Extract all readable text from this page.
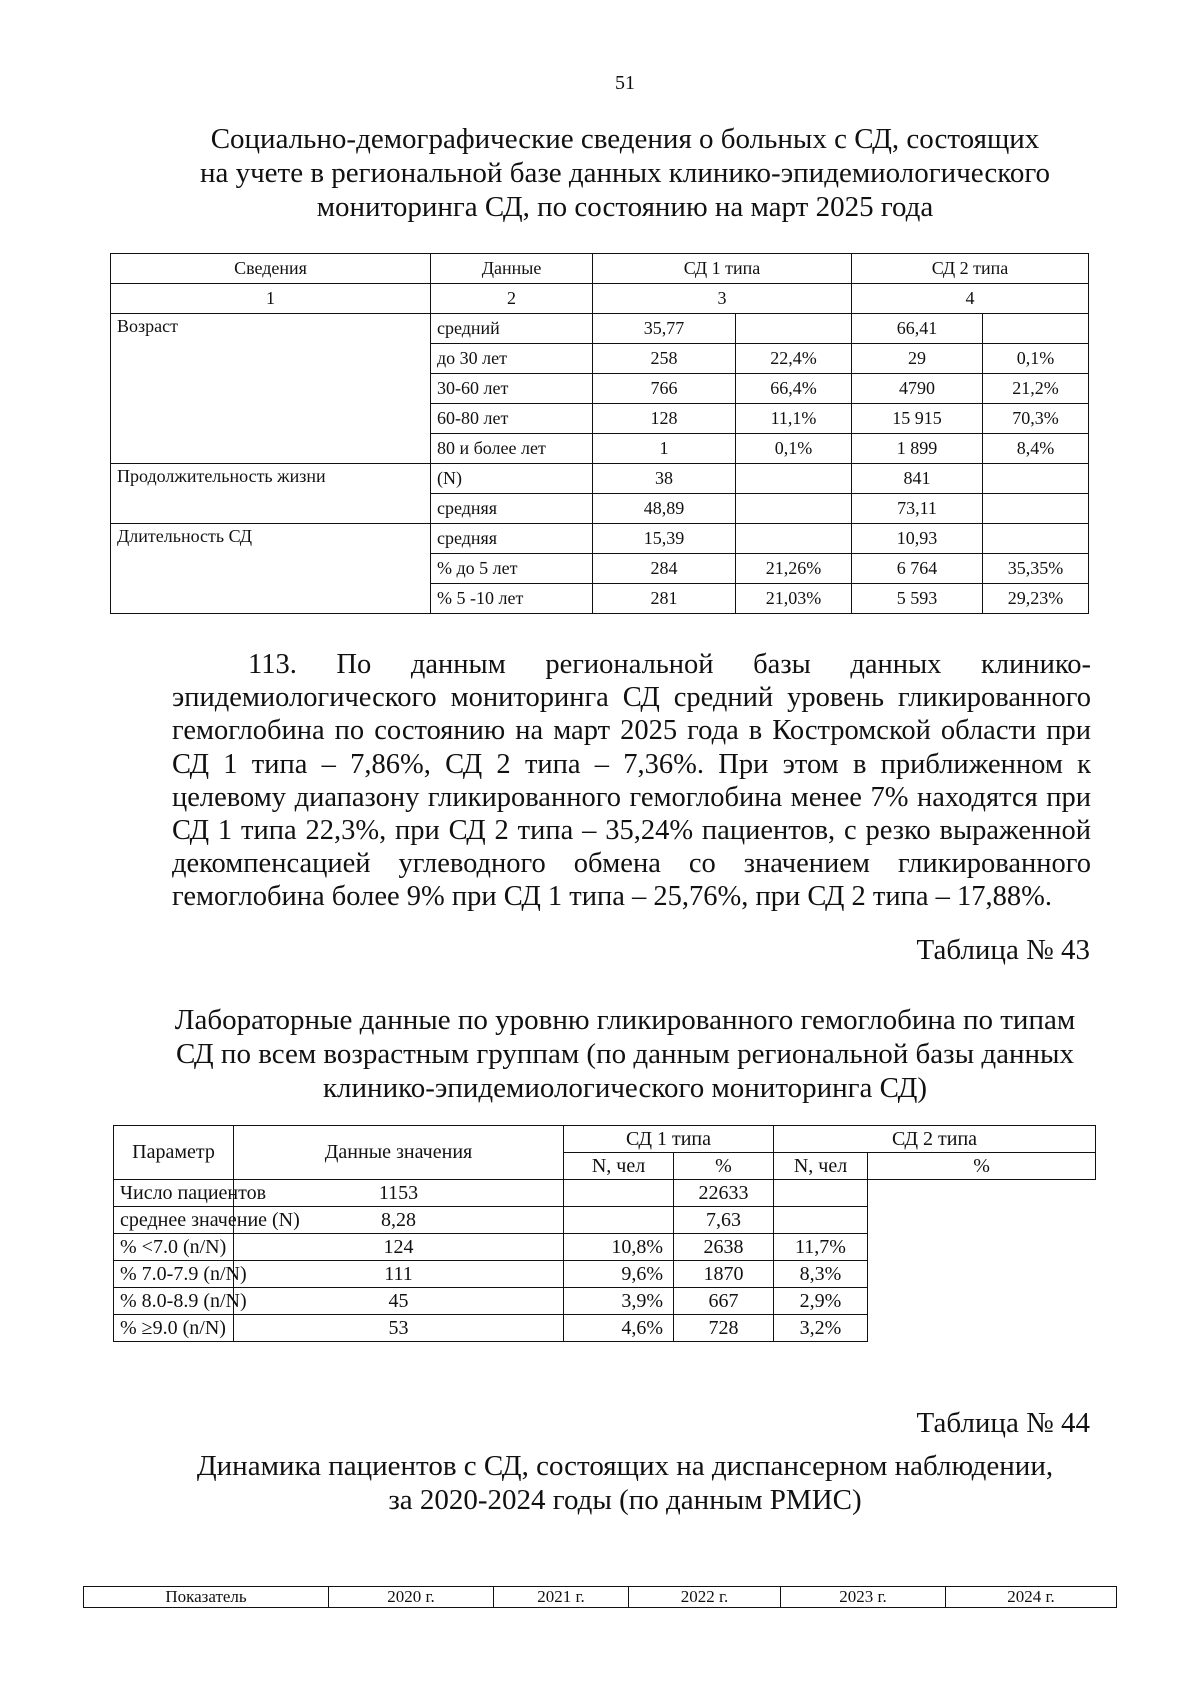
51
Социально-демографические сведения о больных с СД, состоящих
на учете в региональной базе данных клинико-эпидемиологического
мониторинга СД, по состоянию на март 2025 года
Сведения	Данные	СД 1 типа		СД 2 типа	
1	2	3		4	
Возраст	средний	35,77		66,41	
	до 30 лет	258	22,4%	29	0,1%
	30-60 лет	766	66,4%	4790	21,2%
	60-80 лет	128	11,1%	15 915	70,3%
	80 и более лет	1	0,1%	1 899	8,4%
Продолжительность жизни	(N)	38		841	
	средняя	48,89		73,11	
Длительность СД	средняя	15,39		10,93	
	% до 5 лет	284	21,26%	6 764	35,35%
	% 5 -10 лет	281	21,03%	5 593	29,23%
113. По данным региональной базы данных клинико-
эпидемиологического мониторинга СД средний уровень гликированного
гемоглобина по состоянию на март 2025 года в Костромской области при
СД 1 типа – 7,86%, СД 2 типа – 7,36%. При этом в приближенном к
целевому диапазону гликированного гемоглобина менее 7% находятся при
СД 1 типа 22,3%, при СД 2 типа – 35,24% пациентов, с резко выраженной
декомпенсацией углеводного обмена со значением гликированного
гемоглобина более 9% при СД 1 типа – 25,76%, при СД 2 типа – 17,88%.
Таблица № 43
Лабораторные данные по уровню гликированного гемоглобина по типам
СД по всем возрастным группам (по данным региональной базы данных
клинико-эпидемиологического мониторинга СД)
Параметр	Данные значения	СД 1 типа		СД 2 типа	
		N, чел	%	N, чел	%
Число пациентов	1153		22633		
среднее значение (N)	8,28		7,63		
% <7.0 (n/N)	124	10,8%	2638	11,7%	
% 7.0-7.9 (n/N)	111	9,6%	1870	8,3%	
% 8.0-8.9 (n/N)	45	3,9%	667	2,9%	
% ≥9.0 (n/N)	53	4,6%	728	3,2%	
Таблица № 44
Динамика пациентов с СД, состоящих на диспансерном наблюдении,
за 2020-2024 годы (по данным РМИС)
Показатель	2020 г.	2021 г.	2022 г.	2023 г.	2024 г.
